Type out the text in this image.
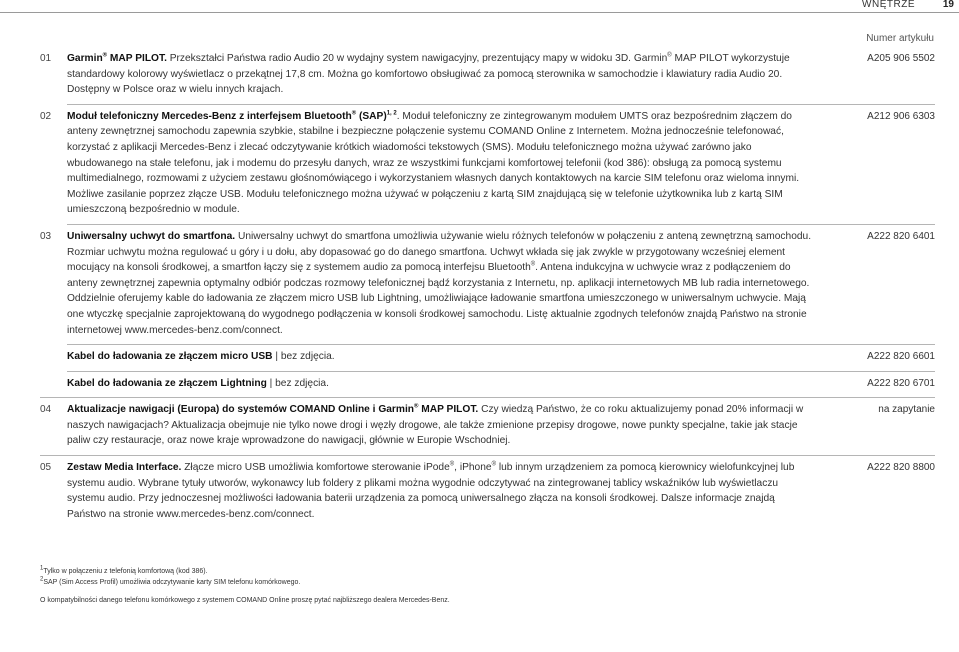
WNĘTRZE	19
Numer artykułu
01	Garmin® MAP PILOT. Przekształci Państwa radio Audio 20 w wydajny system nawigacyjny, prezentujący mapy w widoku 3D. Garmin® MAP PILOT wykorzystuje standardowy kolorowy wyświetlacz o przekątnej 17,8 cm. Można go komfortowo obsługiwać za pomocą sterownika w samochodzie i klawiatury radia Audio 20. Dostępny w Polsce oraz w wielu innych krajach.
A205 906 5502
02	Moduł telefoniczny Mercedes-Benz z interfejsem Bluetooth® (SAP)$^{1, 2}$. Moduł telefoniczny ze zintegrowanym modułem UMTS oraz bezpośrednim złączem do anteny zewnętrznej samochodu zapewnia szybkie, stabilne i bezpieczne połączenie systemu COMAND Online z Internetem. Można jednocześnie telefonować, korzystać z aplikacji Mercedes-Benz i zlecać odczytywanie krótkich wiadomości tekstowych (SMS). Modułu telefonicznego można używać zarówno jako wbudowanego na stałe telefonu, jak i modemu do przesyłu danych, wraz ze wszystkimi funkcjami komfortowej telefonii (kod 386): obsługą za pomocą systemu multimedialnego, rozmowami z użyciem zestawu głośnomówiącego i wykorzystaniem własnych danych kontaktowych na karcie SIM telefonu oraz wieloma innymi. Możliwe zasilanie poprzez złącze USB. Modułu telefonicznego można używać w połączeniu z kartą SIM znajdującą się w telefonie użytkownika lub z kartą SIM umieszczoną bezpośrednio w module.
A212 906 6303
03	Uniwersalny uchwyt do smartfona. Uniwersalny uchwyt do smartfona umożliwia używanie wielu różnych telefonów w połączeniu z anteną zewnętrzną samochodu. Rozmiar uchwytu można regulować u góry i u dołu, aby dopasować go do danego smartfona. Uchwyt wkłada się jak zwykle w przygotowany wcześniej element mocujący na konsoli środkowej, a smartfon łączy się z systemem audio za pomocą interfejsu Bluetooth®. Antena indukcyjna w uchwycie wraz z podłączeniem do anteny zewnętrznej zapewnia optymalny odbiór podczas rozmowy telefonicznej bądź korzystania z Internetu, np. aplikacji internetowych MB lub radia internetowego. Oddzielnie oferujemy kable do ładowania ze złączem micro USB lub Lightning, umożliwiające ładowanie smartfona umieszczonego w uniwersalnym uchwycie. Mają one wtyczkę specjalnie zaprojektowaną do wygodnego podłączenia w konsoli środkowej samochodu. Listę aktualnie zgodnych telefonów znajdą Państwo na stronie internetowej www.mercedes-benz.com/connect.
A222 820 6401
Kabel do ładowania ze złączem micro USB | bez zdjęcia.	A222 820 6601
Kabel do ładowania ze złączem Lightning | bez zdjęcia.	A222 820 6701
04	Aktualizacje nawigacji (Europa) do systemów COMAND Online i Garmin® MAP PILOT. Czy wiedzą Państwo, że co roku aktualizujemy ponad 20% informacji w naszych nawigacjach? Aktualizacja obejmuje nie tylko nowe drogi i węzły drogowe, ale także zmienione przepisy drogowe, nowe punkty specjalne, takie jak stacje paliw czy restauracje, oraz nowe kraje wprowadzone do nawigacji, głównie w Europie Wschodniej.
na zapytanie
05	Zestaw Media Interface. Złącze micro USB umożliwia komfortowe sterowanie iPode®, iPhone® lub innym urządzeniem za pomocą kierownicy wielofunkcyjnej lub systemu audio. Wybrane tytuły utworów, wykonawcy lub foldery z plikami można wygodnie odczytywać na zintegrowanej tablicy wskaźników lub wyświetlaczu systemu audio. Przy jednoczesnej możliwości ładowania baterii urządzenia za pomocą uniwersalnego złącza na konsoli środkowej. Dalsze informacje znajdą Państwo na stronie www.mercedes-benz.com/connect.
A222 820 8800
$^1$Tylko w połączeniu z telefonią komfortową (kod 386).
$^2$SAP (Sim Access Profil) umożliwia odczytywanie karty SIM telefonu komórkowego.
O kompatybilności danego telefonu komórkowego z systemem COMAND Online proszę pytać najbliższego dealera Mercedes-Benz.
